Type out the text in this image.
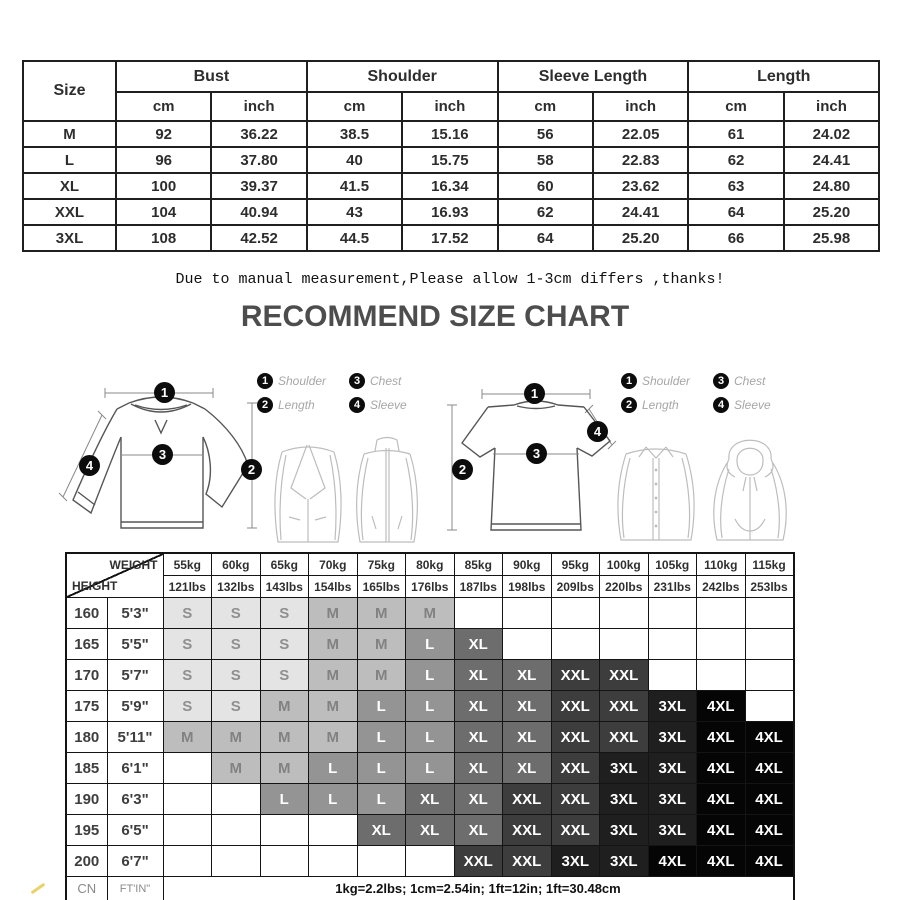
Size	Bust		Shoulder		Sleeve Length		Length	
	cm	inch	cm	inch	cm	inch	cm	inch
M	92	36.22	38.5	15.16	56	22.05	61	24.02
L	96	37.80	40	15.75	58	22.83	62	24.41
XL	100	39.37	41.5	16.34	60	23.62	63	24.80
XXL	104	40.94	43	16.93	62	24.41	64	25.20
3XL	108	42.52	44.5	17.52	64	25.20	66	25.98
Due to manual measurement,Please allow 1-3cm differs ,thanks!
RECOMMEND SIZE CHART
1
3
2
4
1
3
2
4
1 Shoulder	3 Chest
2 Length	4 Sleeve
1 Shoulder	3 Chest
2 Length	4 Sleeve
WEIGHT
HEIGHT		55kg	60kg	65kg	70kg	75kg	80kg	85kg	90kg	95kg	100kg	105kg	110kg	115kg
		121lbs	132lbs	143lbs	154lbs	165lbs	176lbs	187lbs	198lbs	209lbs	220lbs	231lbs	242lbs	253lbs
160	5'3"	S	S	S	M	M	M							
165	5'5"	S	S	S	M	M	L	XL						
170	5'7"	S	S	S	M	M	L	XL	XL	XXL	XXL			
175	5'9"	S	S	M	M	L	L	XL	XL	XXL	XXL	3XL	4XL	
180	5'11"	M	M	M	M	L	L	XL	XL	XXL	XXL	3XL	4XL	4XL
185	6'1"		M	M	L	L	L	XL	XL	XXL	3XL	3XL	4XL	4XL
190	6'3"			L	L	L	XL	XL	XXL	XXL	3XL	3XL	4XL	4XL
195	6'5"					XL	XL	XL	XXL	XXL	3XL	3XL	4XL	4XL
200	6'7"							XXL	XXL	3XL	3XL	4XL	4XL	4XL
CN	FT'IN"	1kg=2.2lbs; 1cm=2.54in; 1ft=12in; 1ft=30.48cm												
